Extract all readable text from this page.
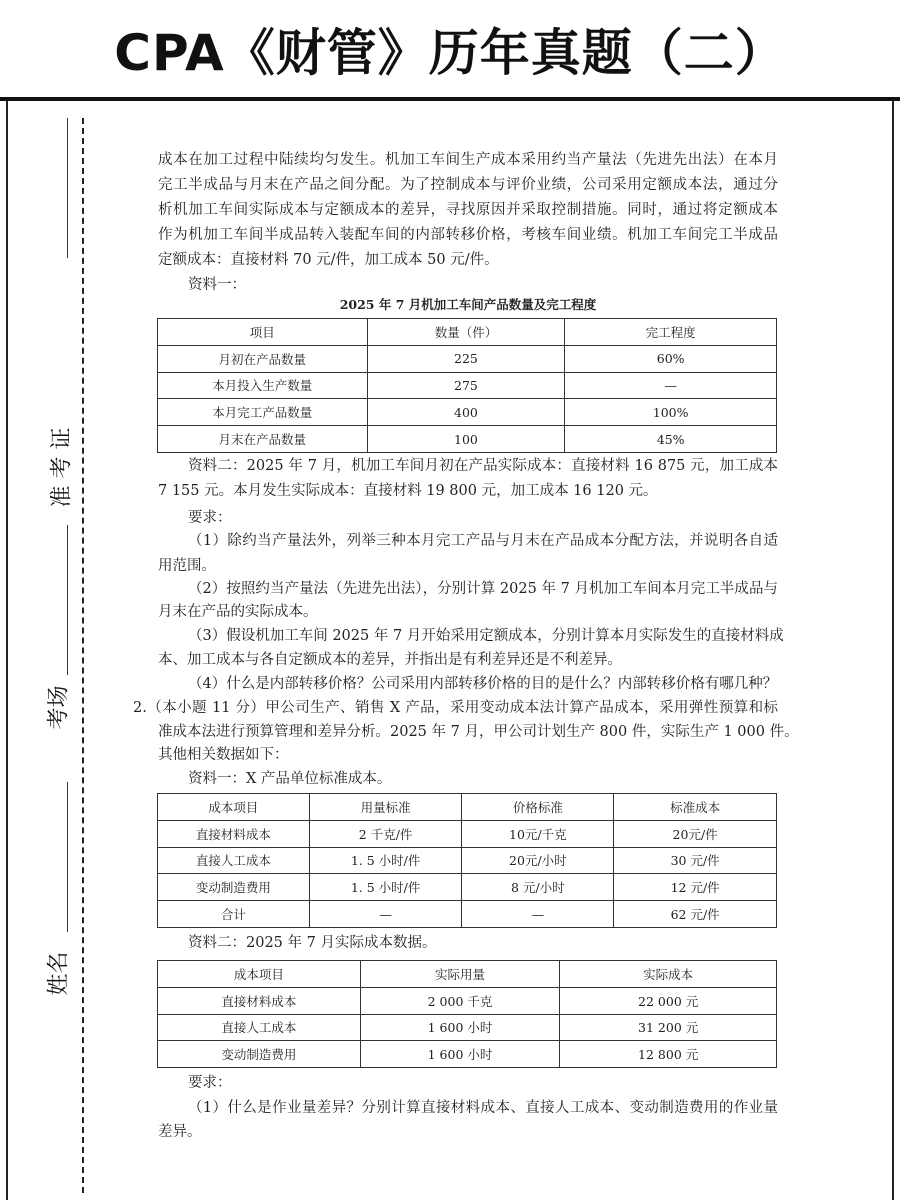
CPA《财管》历年真题（二）
准 考 证
考场
姓名
成本在加工过程中陆续均匀发生。机加工车间生产成本采用约当产量法（先进先出法）在本月
完工半成品与月末在产品之间分配。为了控制成本与评价业绩，公司采用定额成本法，通过分
析机加工车间实际成本与定额成本的差异，寻找原因并采取控制措施。同时，通过将定额成本
作为机加工车间半成品转入装配车间的内部转移价格，考核车间业绩。机加工车间完工半成品
定额成本：直接材料 70 元/件，加工成本 50 元/件。
资料一：
2025 年 7 月机加工车间产品数量及完工程度
项目	数量（件）	完工程度
月初在产品数量	225	60%
本月投入生产数量	275	—
本月完工产品数量	400	100%
月末在产品数量	100	45%
资料二：2025 年 7 月，机加工车间月初在产品实际成本：直接材料 16 875 元，加工成本
7 155 元。本月发生实际成本：直接材料 19 800 元，加工成本 16 120 元。
要求：
（1）除约当产量法外，列举三种本月完工产品与月末在产品成本分配方法，并说明各自适
用范围。
（2）按照约当产量法（先进先出法），分别计算 2025 年 7 月机加工车间本月完工半成品与
月末在产品的实际成本。
（3）假设机加工车间 2025 年 7 月开始采用定额成本，分别计算本月实际发生的直接材料成
本、加工成本与各自定额成本的差异，并指出是有利差异还是不利差异。
（4）什么是内部转移价格？公司采用内部转移价格的目的是什么？内部转移价格有哪几种？
2.（本小题 11 分）甲公司生产、销售 X 产品，采用变动成本法计算产品成本，采用弹性预算和标
准成本法进行预算管理和差异分析。2025 年 7 月，甲公司计划生产 800 件，实际生产 1 000 件。
其他相关数据如下：
资料一：X 产品单位标准成本。
成本项目	用量标准	价格标准	标准成本
直接材料成本	2 千克/件	10元/千克	20元/件
直接人工成本	1. 5 小时/件	20元/小时	30 元/件
变动制造费用	1. 5 小时/件	8 元/小时	12 元/件
合计	—	—	62 元/件
资料二：2025 年 7 月实际成本数据。
成本项目	实际用量	实际成本
直接材料成本	2 000 千克	22 000 元
直接人工成本	1 600 小时	31 200 元
变动制造费用	1 600 小时	12 800 元
要求：
（1）什么是作业量差异？分别计算直接材料成本、直接人工成本、变动制造费用的作业量
差异。
